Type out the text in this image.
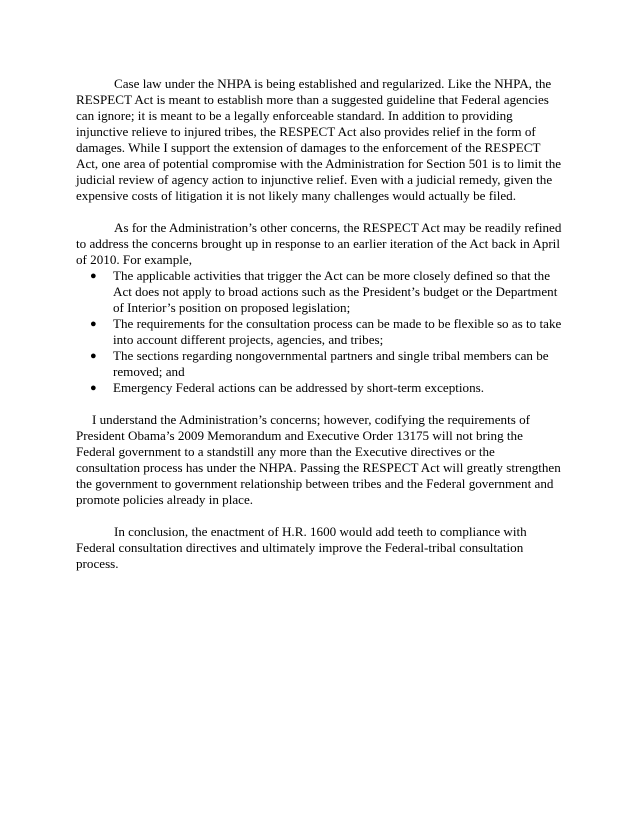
Case law under the NHPA is being established and regularized. Like the NHPA, the RESPECT Act is meant to establish more than a suggested guideline that Federal agencies can ignore; it is meant to be a legally enforceable standard. In addition to providing injunctive relieve to injured tribes, the RESPECT Act also provides relief in the form of damages. While I support the extension of damages to the enforcement of the RESPECT Act, one area of potential compromise with the Administration for Section 501 is to limit the judicial review of agency action to injunctive relief. Even with a judicial remedy, given the expensive costs of litigation it is not likely many challenges would actually be filed.

As for the Administration’s other concerns, the RESPECT Act may be readily refined to address the concerns brought up in response to an earlier iteration of the Act back in April of 2010. For example,

● The applicable activities that trigger the Act can be more closely defined so that the Act does not apply to broad actions such as the President’s budget or the Department of Interior’s position on proposed legislation;
● The requirements for the consultation process can be made to be flexible so as to take into account different projects, agencies, and tribes;
● The sections regarding nongovernmental partners and single tribal members can be removed; and
● Emergency Federal actions can be addressed by short-term exceptions.

I understand the Administration’s concerns; however, codifying the requirements of President Obama’s 2009 Memorandum and Executive Order 13175 will not bring the Federal government to a standstill any more than the Executive directives or the consultation process has under the NHPA. Passing the RESPECT Act will greatly strengthen the government to government relationship between tribes and the Federal government and promote policies already in place.

In conclusion, the enactment of H.R. 1600 would add teeth to compliance with Federal consultation directives and ultimately improve the Federal-tribal consultation process.
